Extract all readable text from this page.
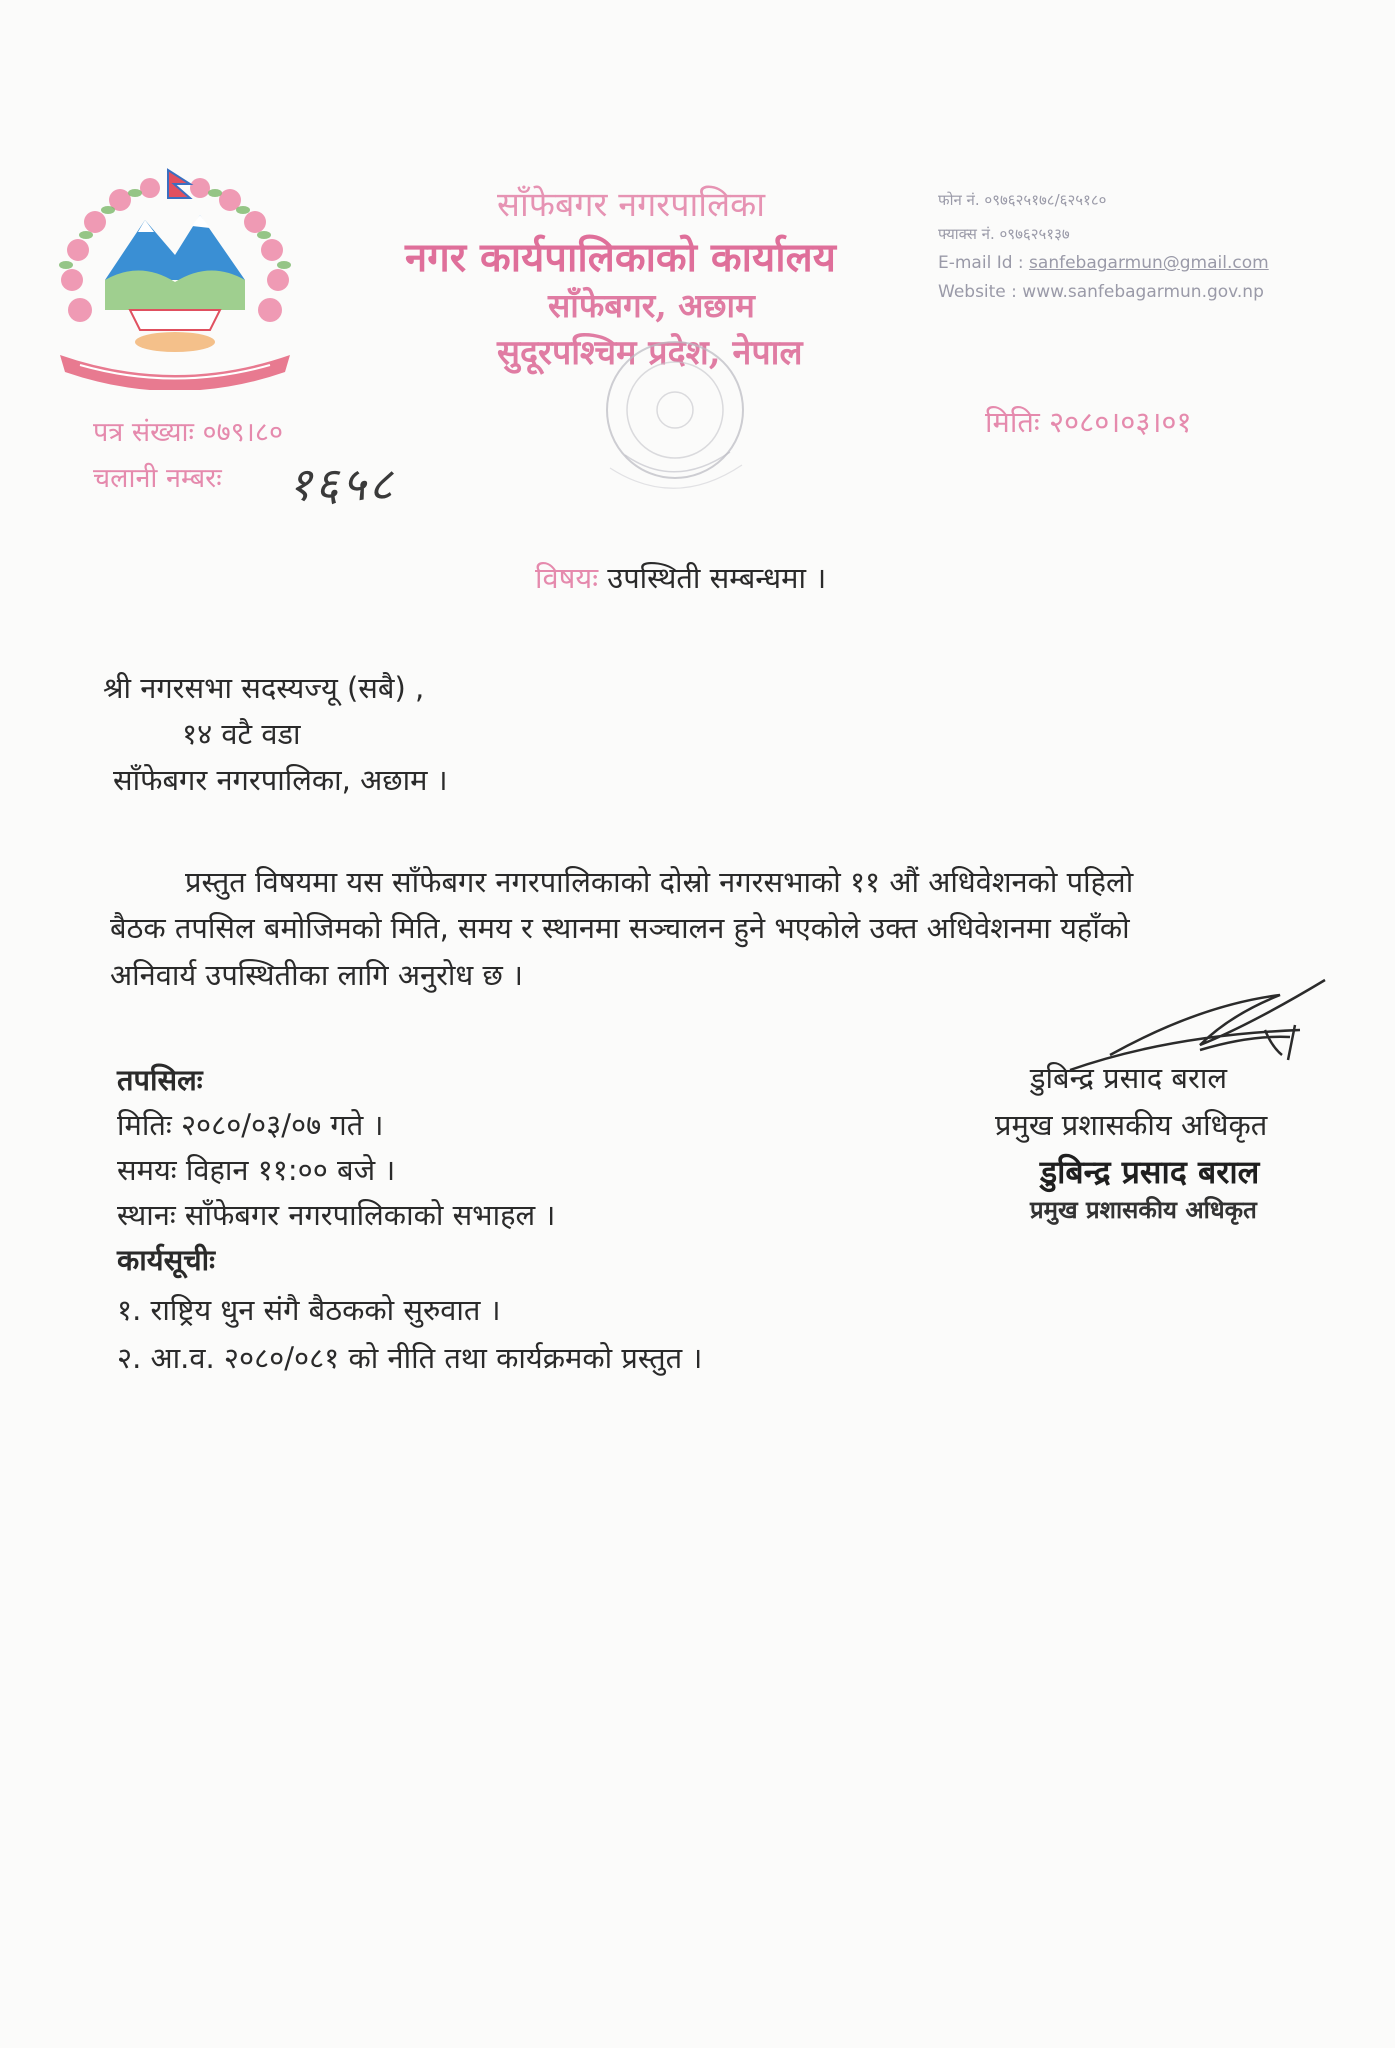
साँफेबगर नगरपालिका
नगर कार्यपालिकाको कार्यालय
साँफेबगर, अछाम
सुदूरपश्चिम प्रदेश, नेपाल
फोन नं. ०९७६२५१७८/६२५१८०
फ्याक्स नं. ०९७६२५१३७
E-mail Id : sanfebagarmun@gmail.com
Website : www.sanfebagarmun.gov.np
पत्र संख्याः ०७९।८०
चलानी नम्बरः १६५८
मितिः २०८०।०३।०१
विषयः उपस्थिती सम्बन्धमा ।
श्री नगरसभा सदस्यज्यू (सबै) ,
१४ वटै वडा
साँफेबगर नगरपालिका, अछाम ।
प्रस्तुत विषयमा यस साँफेबगर नगरपालिकाको दोस्रो नगरसभाको ११ औं अधिवेशनको पहिलो
बैठक तपसिल बमोजिमको मिति, समय र स्थानमा सञ्चालन हुने भएकोले उक्त अधिवेशनमा यहाँको
अनिवार्य उपस्थितीका लागि अनुरोध छ ।
तपसिलः
मितिः २०८०/०३/०७ गते ।
समयः विहान ११:०० बजे ।
स्थानः साँफेबगर नगरपालिकाको सभाहल ।
कार्यसूचीः
१. राष्ट्रिय धुन संगै बैठकको सुरुवात ।
२. आ.व. २०८०/०८१ को नीति तथा कार्यक्रमको प्रस्तुत ।
डुबिन्द्र प्रसाद बराल
प्रमुख प्रशासकीय अधिकृत
डुबिन्द्र प्रसाद बराल
प्रमुख प्रशासकीय अधिकृत
